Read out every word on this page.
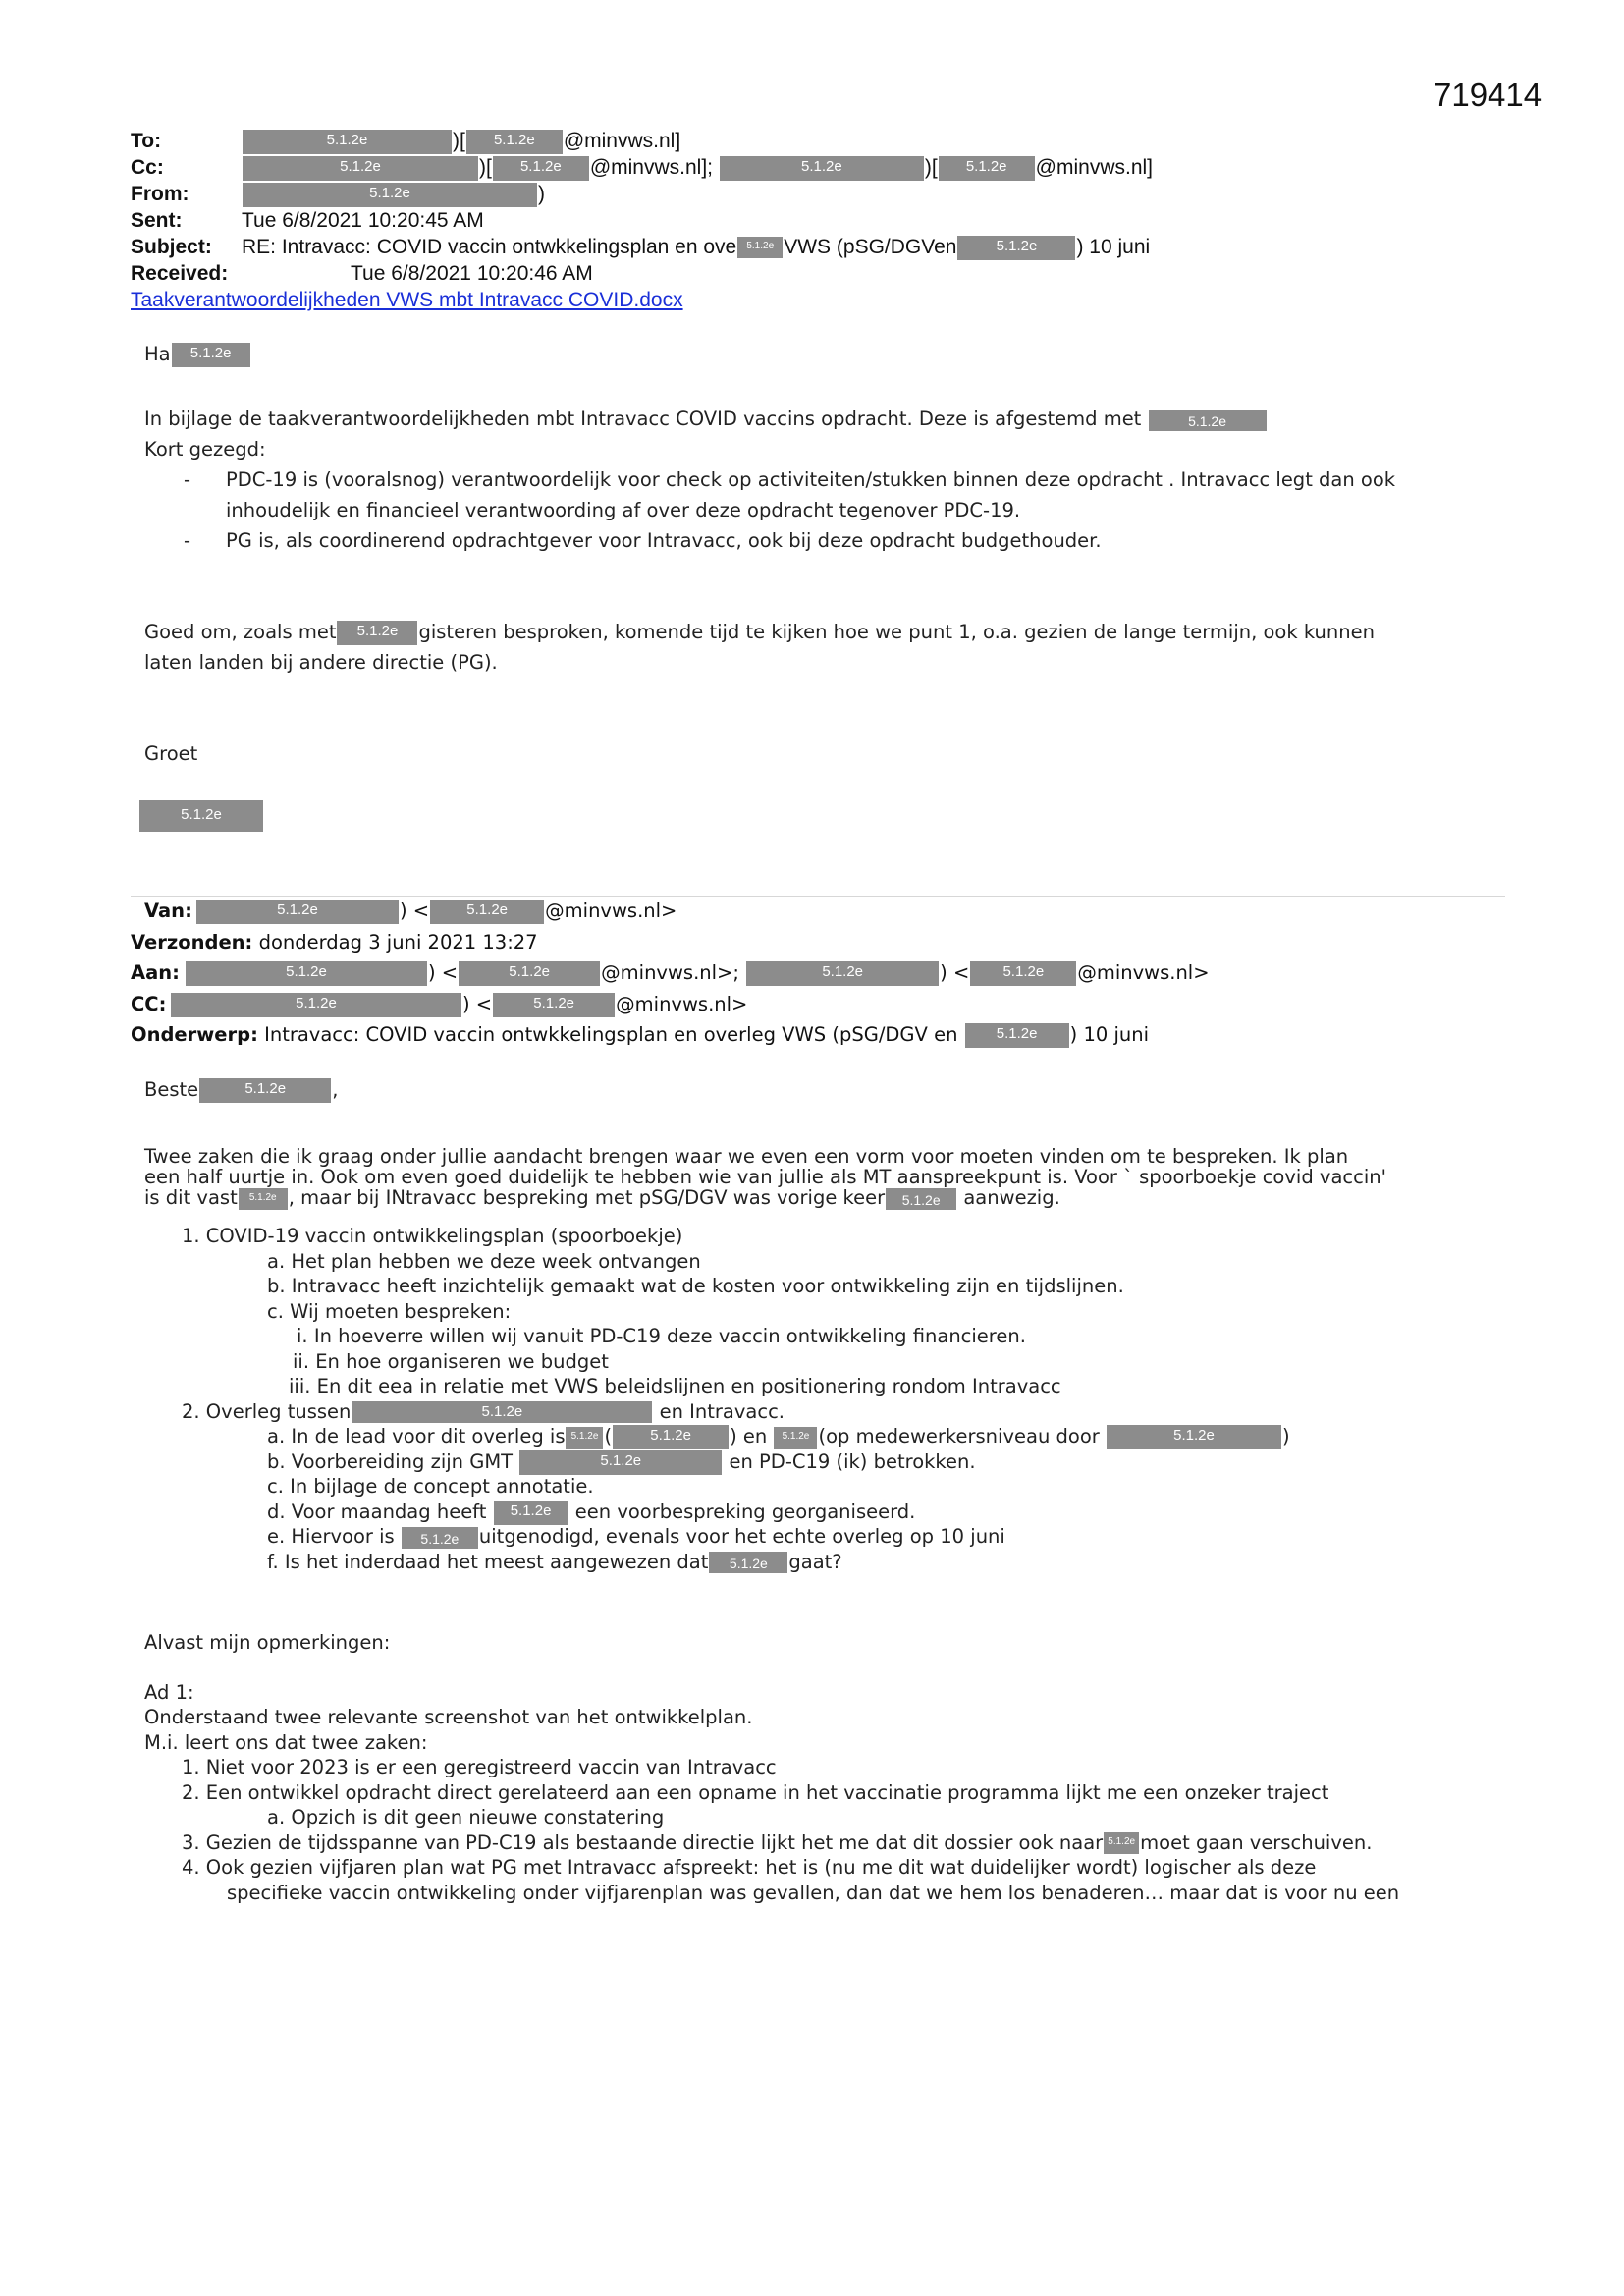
719414
To:	5.1.2e	)[ 5.1.2e @minvws.nl]
Cc:	5.1.2e	)[ 5.1.2e @minvws.nl];	5.1.2e	)[ 5.1.2e @minvws.nl]
From:	5.1.2e	)
Sent:	Tue 6/8/2021 10:20:45 AM
Subject: RE: Intravacc: COVID vaccin ontwkkelingsplan en ove 5.1.2e VWS (pSG/DGVen	5.1.2e ) 10 juni
Received:	Tue 6/8/2021 10:20:46 AM
Taakverantwoordelijkheden VWS mbt Intravacc COVID.docx

Ha 5.1.2e

In bijlage de taakverantwoordelijkheden mbt Intravacc COVID vaccins opdracht. Deze is afgestemd met	5.1.2e

Kort gezegd:

- PDC-19 is (vooralsnog) verantwoordelijk voor check op activiteiten/stukken binnen deze opdracht . Intravacc legt dan ook
inhoudelijk en financieel verantwoording af over deze opdracht tegenover PDC-19.
- PG is, als coordinerend opdrachtgever voor Intravacc, ook bij deze opdracht budgethouder.

Goed om, zoals met 5.1.2e gisteren besproken, komende tijd te kijken hoe we punt 1, o.a. gezien de lange termijn, ook kunnen

laten landen bij andere directie (PG).

Groet

5.1.2e

Van:	5.1.2e	) <	5.1.2e @minvws.nl>
Verzonden: donderdag 3 juni 2021 13:27
Aan:	5.1.2e	) <	5.1.2e	@minvws.nl>;	5.1.2e	) < 5.1.2e @minvws.nl>
CC:	5.1.2e	) <	5.1.2e @minvws.nl>
Onderwerp: Intravacc: COVID vaccin ontwkkelingsplan en overleg VWS (pSG/DGV en	5.1.2e ) 10 juni
Beste	5.1.2e ,
Twee zaken die ik graag onder jullie aandacht brengen waar we even een vorm voor moeten vinden om te bespreken. Ik plan
een half uurtje in. Ook om even goed duidelijk te hebben wie van jullie als MT aanspreekpunt is. Voor ` spoorboekje covid vaccin'
is dit vast 5.1.2e , maar bij INtravacc bespreking met pSG/DGV was vorige keer 5.1.2e aanwezig.
1. COVID-19 vaccin ontwikkelingsplan (spoorboekje)
a. Het plan hebben we deze week ontvangen
b. Intravacc heeft inzichtelijk gemaakt wat de kosten voor ontwikkeling zijn en tijdslijnen.
c. Wij moeten bespreken:
i. In hoeverre willen wij vanuit PD-C19 deze vaccin ontwikkeling financieren.
ii. En hoe organiseren we budget
iii. En dit eea in relatie met VWS beleidslijnen en positionering rondom Intravacc
2. Overleg tussen	5.1.2e	en Intravacc.
a. In de lead voor dit overleg is 5.1.2e (	5.1.2e ) en 5.1.2e (op medewerkersniveau door	5.1.2e	)
b. Voorbereiding zijn GMT	5.1.2e	en PD-C19 (ik) betrokken.
c. In bijlage de concept annotatie.
d. Voor maandag heeft 5.1.2e een voorbespreking georganiseerd.
e. Hiervoor is 5.1.2e uitgenodigd, evenals voor het echte overleg op 10 juni
f. Is het inderdaad het meest aangewezen dat 5.1.2e gaat?
Alvast mijn opmerkingen:
Ad 1:
Onderstaand twee relevante screenshot van het ontwikkelplan.
M.i. leert ons dat twee zaken:
1. Niet voor 2023 is er een geregistreerd vaccin van Intravacc
2. Een ontwikkel opdracht direct gerelateerd aan een opname in het vaccinatie programma lijkt me een onzeker traject
a. Opzich is dit geen nieuwe constatering
3. Gezien de tijdsspanne van PD-C19 als bestaande directie lijkt het me dat dit dossier ook naar 5.1.2e moet gaan verschuiven.
4. Ook gezien vijfjaren plan wat PG met Intravacc afspreekt: het is (nu me dit wat duidelijker wordt) logischer als deze
specifieke vaccin ontwikkeling onder vijfjarenplan was gevallen, dan dat we hem los benaderen… maar dat is voor nu een
